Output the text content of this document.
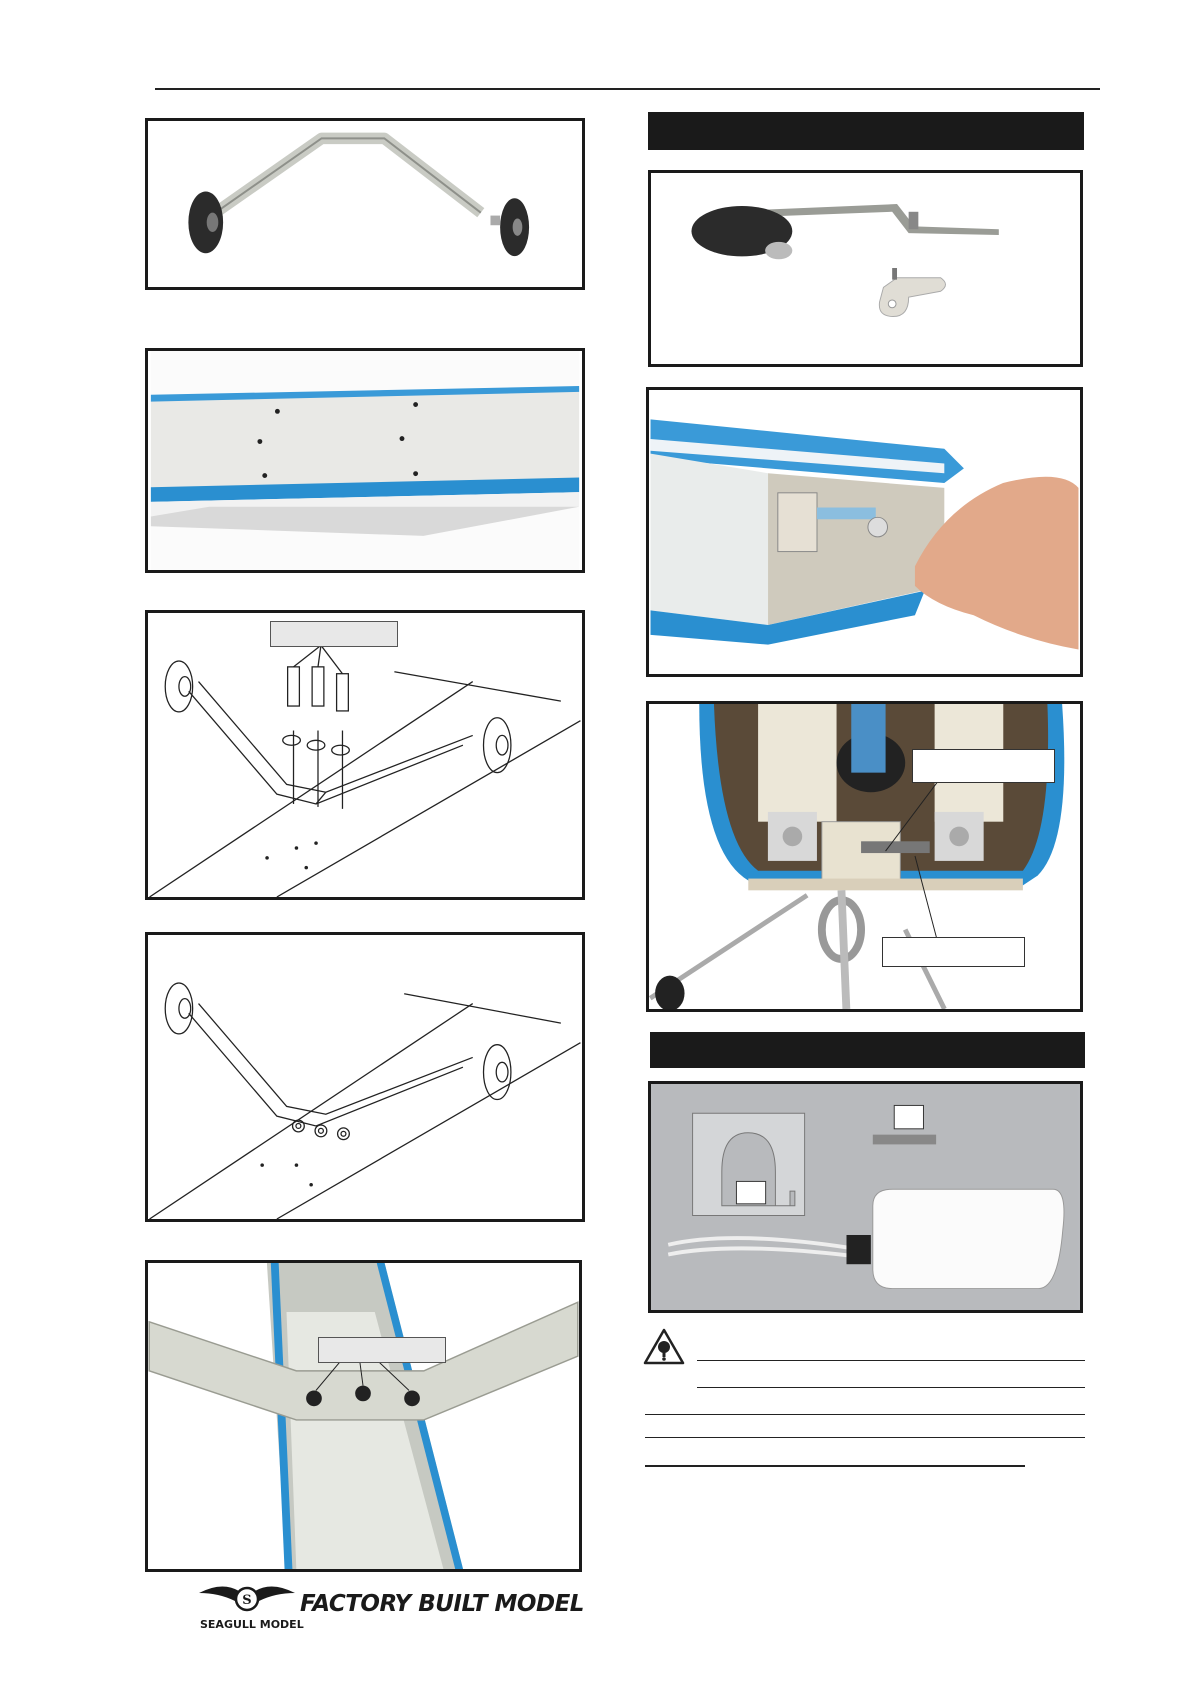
S
SEAGULL MODEL
FACTORY BUILT MODEL
